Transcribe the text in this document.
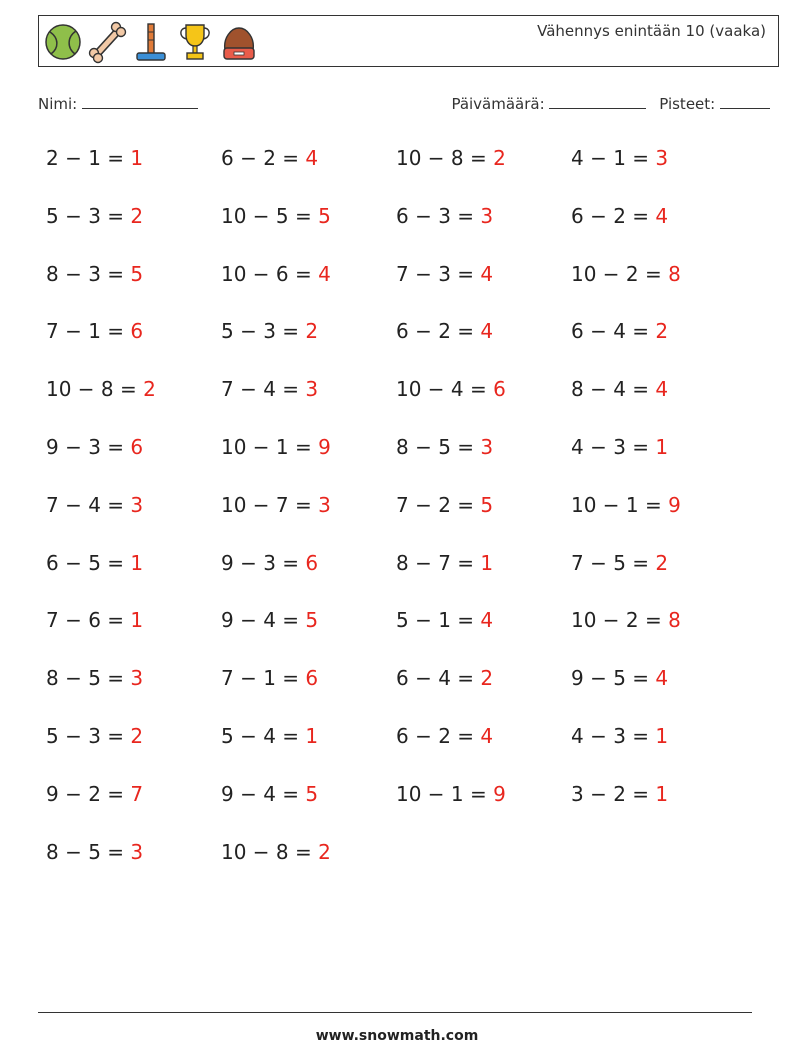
Vähennys enintään 10 (vaaka)
Nimi:	Päivämäärä:	Pisteet:
2 − 1 = 1	6 − 2 = 4	10 − 8 = 2	4 − 1 = 3
5 − 3 = 2	10 − 5 = 5	6 − 3 = 3	6 − 2 = 4
8 − 3 = 5	10 − 6 = 4	7 − 3 = 4	10 − 2 = 8
7 − 1 = 6	5 − 3 = 2	6 − 2 = 4	6 − 4 = 2
10 − 8 = 2	7 − 4 = 3	10 − 4 = 6	8 − 4 = 4
9 − 3 = 6	10 − 1 = 9	8 − 5 = 3	4 − 3 = 1
7 − 4 = 3	10 − 7 = 3	7 − 2 = 5	10 − 1 = 9
6 − 5 = 1	9 − 3 = 6	8 − 7 = 1	7 − 5 = 2
7 − 6 = 1	9 − 4 = 5	5 − 1 = 4	10 − 2 = 8
8 − 5 = 3	7 − 1 = 6	6 − 4 = 2	9 − 5 = 4
5 − 3 = 2	5 − 4 = 1	6 − 2 = 4	4 − 3 = 1
9 − 2 = 7	9 − 4 = 5	10 − 1 = 9	3 − 2 = 1
8 − 5 = 3	10 − 8 = 2
www.snowmath.com
